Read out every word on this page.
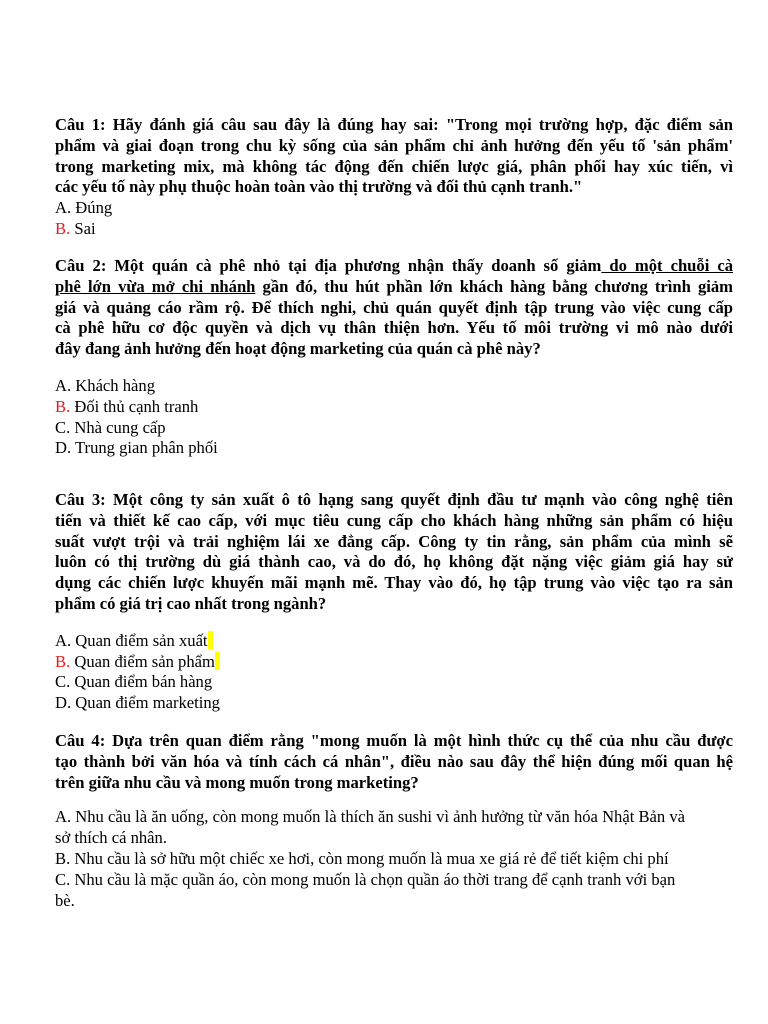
Câu 1: Hãy đánh giá câu sau đây là đúng hay sai: "Trong mọi trường hợp, đặc điểm sản
phẩm và giai đoạn trong chu kỳ sống của sản phẩm chỉ ảnh hưởng đến yếu tố 'sản phẩm'
trong marketing mix, mà không tác động đến chiến lược giá, phân phối hay xúc tiến, vì
các yếu tố này phụ thuộc hoàn toàn vào thị trường và đối thủ cạnh tranh."
A. Đúng
B. Sai
Câu 2: Một quán cà phê nhỏ tại địa phương nhận thấy doanh số giảm do một chuỗi cà
phê lớn vừa mở chi nhánh gần đó, thu hút phần lớn khách hàng bằng chương trình giảm
giá và quảng cáo rầm rộ. Để thích nghi, chủ quán quyết định tập trung vào việc cung cấp
cà phê hữu cơ độc quyền và dịch vụ thân thiện hơn. Yếu tố môi trường vi mô nào dưới
đây đang ảnh hưởng đến hoạt động marketing của quán cà phê này?
A. Khách hàng
B. Đối thủ cạnh tranh
C. Nhà cung cấp
D. Trung gian phân phối
Câu 3: Một công ty sản xuất ô tô hạng sang quyết định đầu tư mạnh vào công nghệ tiên
tiến và thiết kế cao cấp, với mục tiêu cung cấp cho khách hàng những sản phẩm có hiệu
suất vượt trội và trải nghiệm lái xe đẳng cấp. Công ty tin rằng, sản phẩm của mình sẽ
luôn có thị trường dù giá thành cao, và do đó, họ không đặt nặng việc giảm giá hay sử
dụng các chiến lược khuyến mãi mạnh mẽ. Thay vào đó, họ tập trung vào việc tạo ra sản
phẩm có giá trị cao nhất trong ngành?
A. Quan điểm sản xuất
B. Quan điểm sản phẩm
C. Quan điểm bán hàng
D. Quan điểm marketing
Câu 4: Dựa trên quan điểm rằng "mong muốn là một hình thức cụ thể của nhu cầu được
tạo thành bởi văn hóa và tính cách cá nhân", điều nào sau đây thể hiện đúng mối quan hệ
trên giữa nhu cầu và mong muốn trong marketing?
A. Nhu cầu là ăn uống, còn mong muốn là thích ăn sushi vì ảnh hưởng từ văn hóa Nhật Bản và
sở thích cá nhân.
B. Nhu cầu là sở hữu một chiếc xe hơi, còn mong muốn là mua xe giá rẻ để tiết kiệm chi phí
C. Nhu cầu là mặc quần áo, còn mong muốn là chọn quần áo thời trang để cạnh tranh với bạn
bè.
